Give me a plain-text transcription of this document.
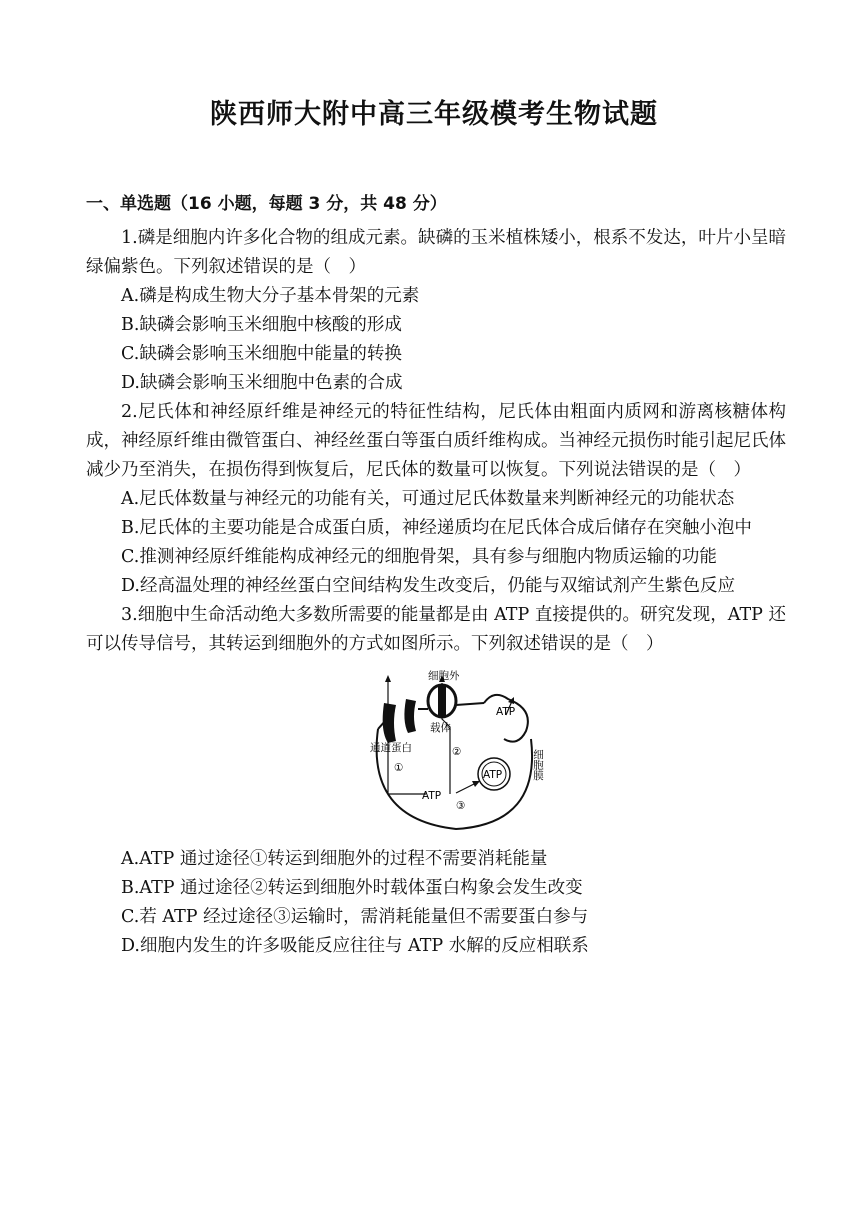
陕西师大附中高三年级模考生物试题
一、单选题（16 小题，每题 3 分，共 48 分）

1.磷是细胞内许多化合物的组成元素。缺磷的玉米植株矮小，根系不发达，叶片小呈暗绿偏紫色。下列叙述错误的是（　）

A.磷是构成生物大分子基本骨架的元素

B.缺磷会影响玉米细胞中核酸的形成

C.缺磷会影响玉米细胞中能量的转换

D.缺磷会影响玉米细胞中色素的合成

2.尼氏体和神经原纤维是神经元的特征性结构，尼氏体由粗面内质网和游离核糖体构成，神经原纤维由微管蛋白、神经丝蛋白等蛋白质纤维构成。当神经元损伤时能引起尼氏体减少乃至消失，在损伤得到恢复后，尼氏体的数量可以恢复。下列说法错误的是（　）

A.尼氏体数量与神经元的功能有关，可通过尼氏体数量来判断神经元的功能状态

B.尼氏体的主要功能是合成蛋白质，神经递质均在尼氏体合成后储存在突触小泡中

C.推测神经原纤维能构成神经元的细胞骨架，具有参与细胞内物质运输的功能

D.经高温处理的神经丝蛋白空间结构发生改变后，仍能与双缩试剂产生紫色反应

3.细胞中生命活动绝大多数所需要的能量都是由 ATP 直接提供的。研究发现，ATP 还可以传导信号，其转运到细胞外的方式如图所示。下列叙述错误的是（　）

细胞外
载体
通道蛋白
ATP
ATP
ATP
①
②
③
细胞膜

A.ATP 通过途径①转运到细胞外的过程不需要消耗能量

B.ATP 通过途径②转运到细胞外时载体蛋白构象会发生改变

C.若 ATP 经过途径③运输时，需消耗能量但不需要蛋白参与

D.细胞内发生的许多吸能反应往往与 ATP 水解的反应相联系
